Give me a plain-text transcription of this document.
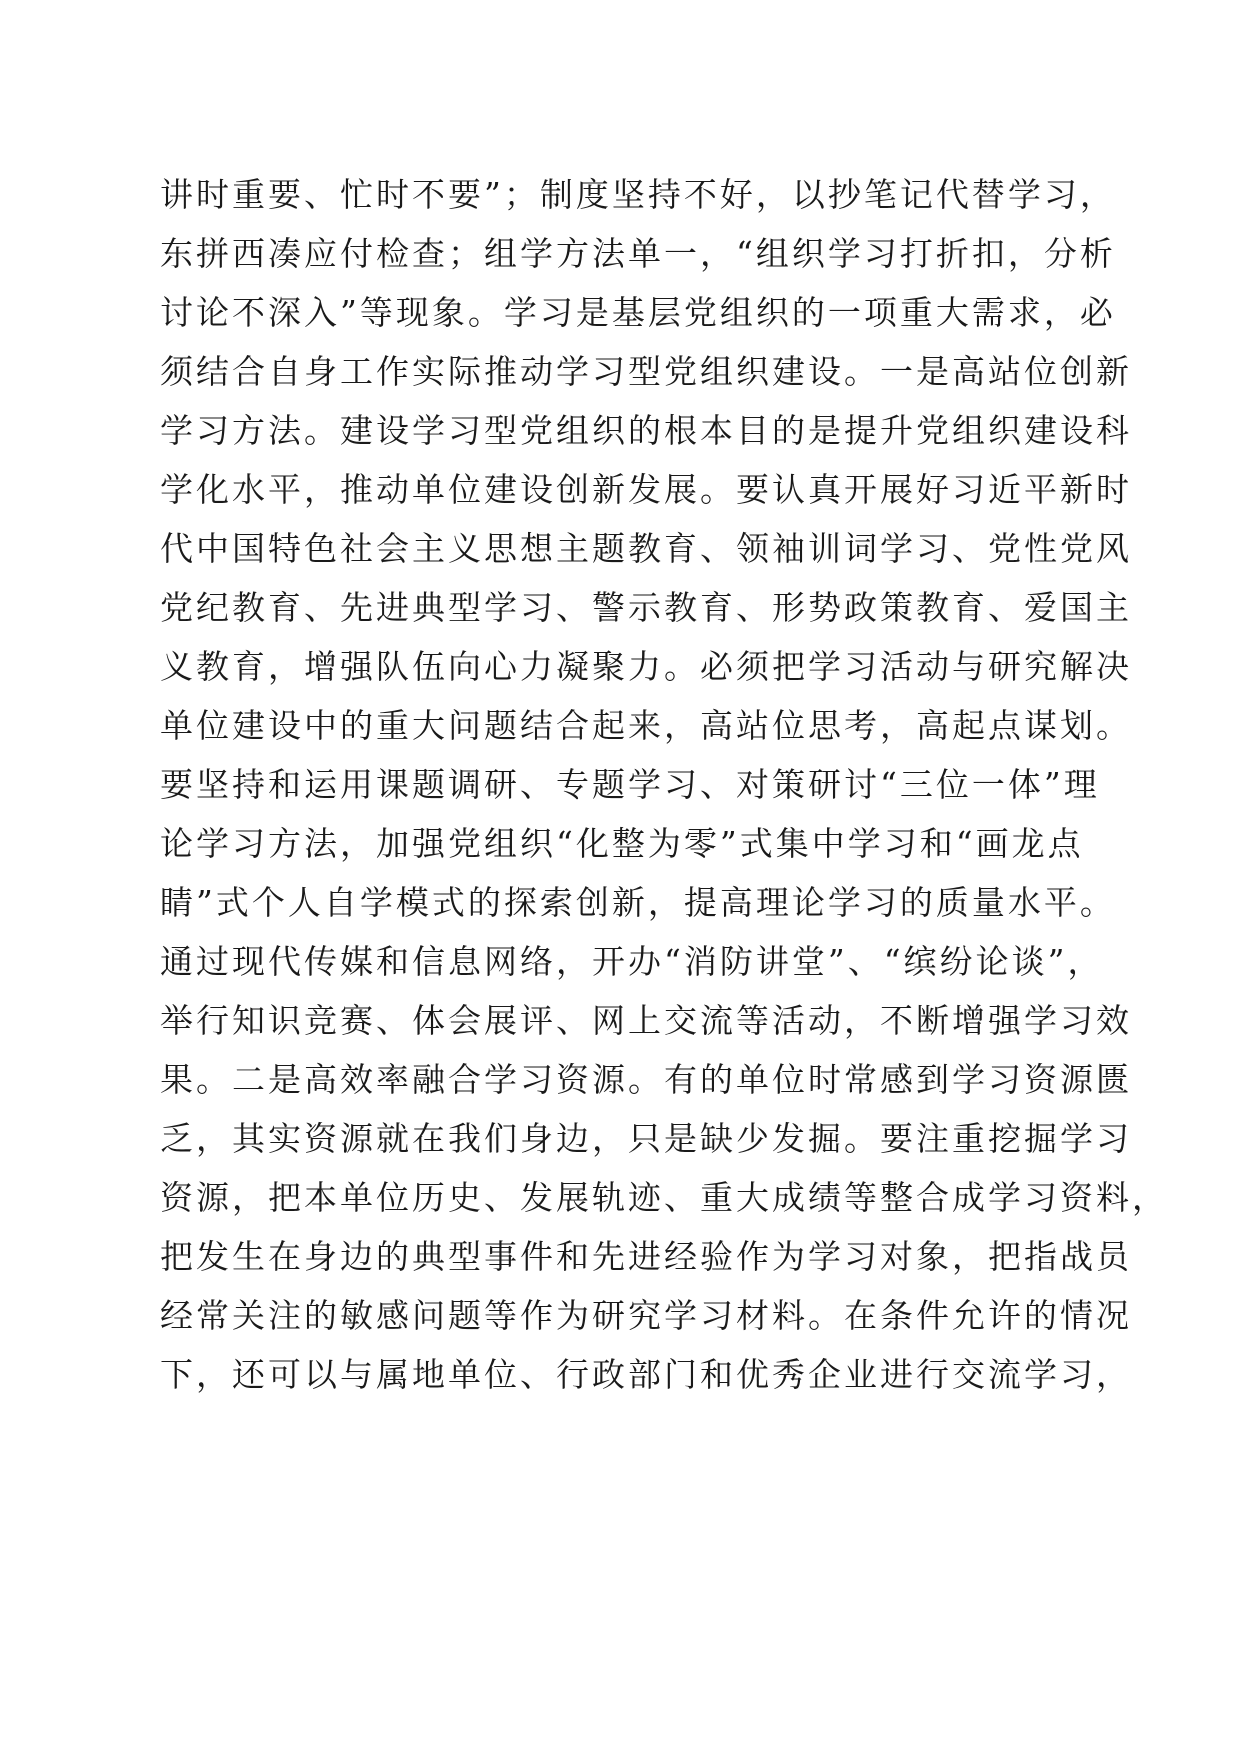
讲时重要、忙时不要”；制度坚持不好，以抄笔记代替学习，
东拼西凑应付检查；组学方法单一，“组织学习打折扣，分析
讨论不深入”等现象。学习是基层党组织的一项重大需求，必
须结合自身工作实际推动学习型党组织建设。一是高站位创新
学习方法。建设学习型党组织的根本目的是提升党组织建设科
学化水平，推动单位建设创新发展。要认真开展好习近平新时
代中国特色社会主义思想主题教育、领袖训词学习、党性党风
党纪教育、先进典型学习、警示教育、形势政策教育、爱国主
义教育，增强队伍向心力凝聚力。必须把学习活动与研究解决
单位建设中的重大问题结合起来，高站位思考，高起点谋划。
要坚持和运用课题调研、专题学习、对策研讨“三位一体”理
论学习方法，加强党组织“化整为零”式集中学习和“画龙点
睛”式个人自学模式的探索创新，提高理论学习的质量水平。
通过现代传媒和信息网络，开办“消防讲堂”、“缤纷论谈”，
举行知识竞赛、体会展评、网上交流等活动，不断增强学习效
果。二是高效率融合学习资源。有的单位时常感到学习资源匮
乏，其实资源就在我们身边，只是缺少发掘。要注重挖掘学习
资源，把本单位历史、发展轨迹、重大成绩等整合成学习资料，
把发生在身边的典型事件和先进经验作为学习对象，把指战员
经常关注的敏感问题等作为研究学习材料。在条件允许的情况
下，还可以与属地单位、行政部门和优秀企业进行交流学习，
